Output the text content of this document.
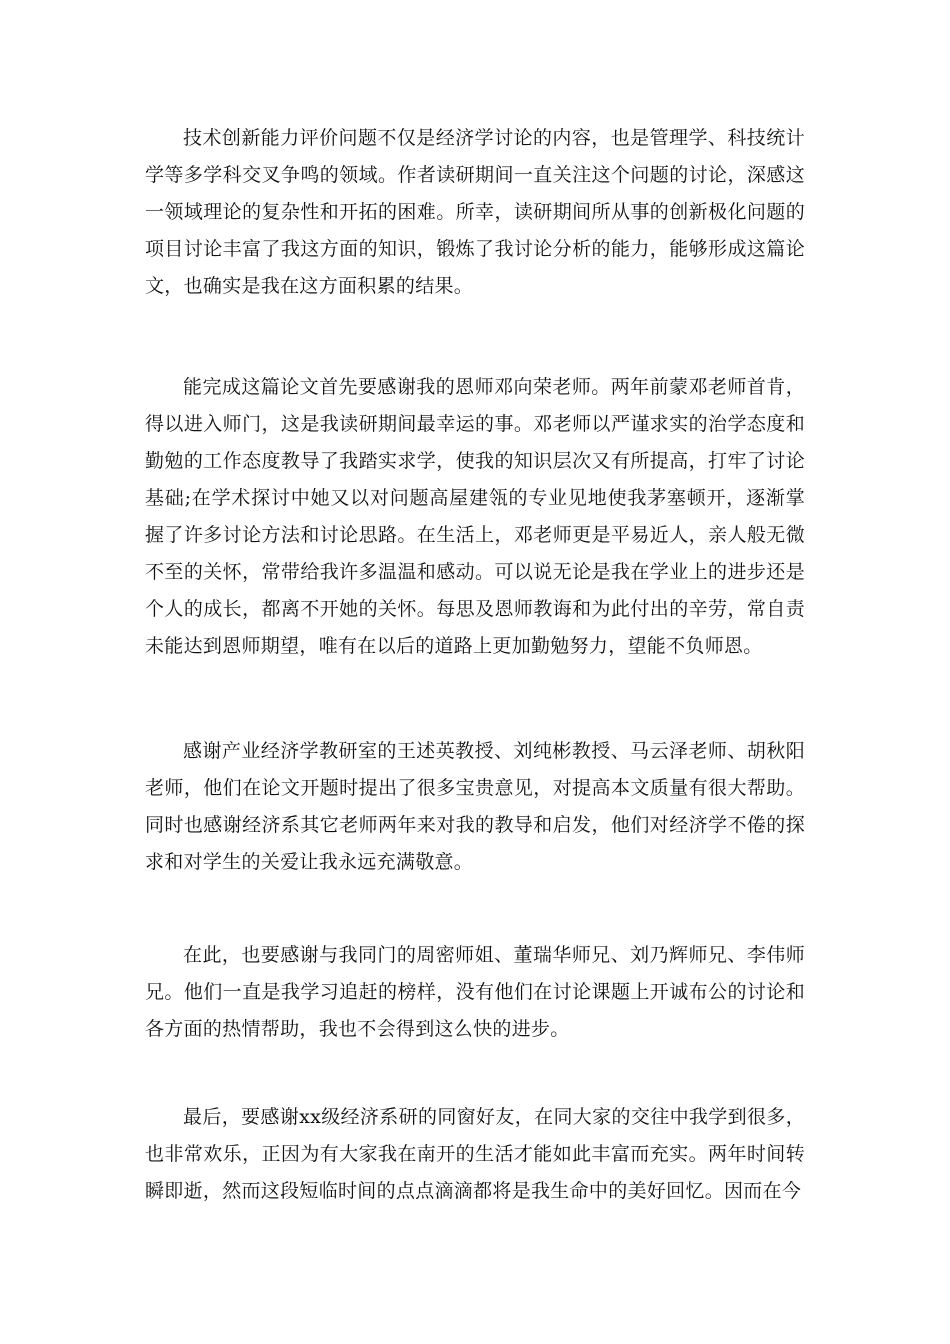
技术创新能力评价问题不仅是经济学讨论的内容，也是管理学、科技统计学等多学科交叉争鸣的领域。作者读研期间一直关注这个问题的讨论，深感这一领域理论的复杂性和开拓的困难。所幸，读研期间所从事的创新极化问题的项目讨论丰富了我这方面的知识，锻炼了我讨论分析的能力，能够形成这篇论文，也确实是我在这方面积累的结果。

能完成这篇论文首先要感谢我的恩师邓向荣老师。两年前蒙邓老师首肯，得以进入师门，这是我读研期间最幸运的事。邓老师以严谨求实的治学态度和勤勉的工作态度教导了我踏实求学，使我的知识层次又有所提高，打牢了讨论基础;在学术探讨中她又以对问题高屋建瓴的专业见地使我茅塞顿开，逐渐掌握了许多讨论方法和讨论思路。在生活上，邓老师更是平易近人，亲人般无微不至的关怀，常带给我许多温温和感动。可以说无论是我在学业上的进步还是个人的成长，都离不开她的关怀。每思及恩师教诲和为此付出的辛劳，常自责未能达到恩师期望，唯有在以后的道路上更加勤勉努力，望能不负师恩。

感谢产业经济学教研室的王述英教授、刘纯彬教授、马云泽老师、胡秋阳老师，他们在论文开题时提出了很多宝贵意见，对提高本文质量有很大帮助。同时也感谢经济系其它老师两年来对我的教导和启发，他们对经济学不倦的探求和对学生的关爱让我永远充满敬意。

在此，也要感谢与我同门的周密师姐、董瑞华师兄、刘乃辉师兄、李伟师兄。他们一直是我学习追赶的榜样，没有他们在讨论课题上开诚布公的讨论和各方面的热情帮助，我也不会得到这么快的进步。

最后，要感谢xx级经济系研的同窗好友，在同大家的交往中我学到很多，也非常欢乐，正因为有大家我在南开的生活才能如此丰富而充实。两年时间转瞬即逝，然而这段短临时间的点点滴滴都将是我生命中的美好回忆。因而在今
